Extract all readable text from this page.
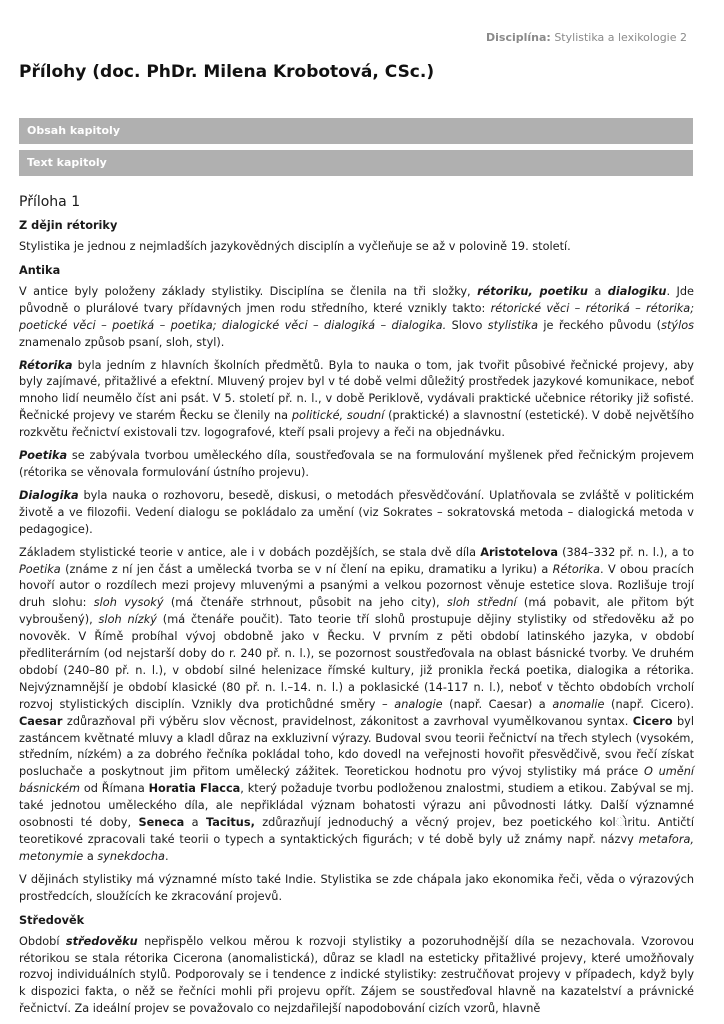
Disciplína: Stylistika a lexikologie 2
Přílohy (doc. PhDr. Milena Krobotová, CSc.)
Obsah kapitoly
Text kapitoly
Příloha 1
Z dějin rétoriky

Stylistika je jednou z nejmladších jazykovědných disciplín a vyčleňuje se až v polovině 19. století.

Antika

V antice byly položeny základy stylistiky. Disciplína se členila na tři složky, rétoriku, poetiku a dialogiku. Jde původně o plurálové tvary přídavných jmen rodu středního, které vznikly takto: rétorické věci – rétoriká – rétorika; poetické věci – poetiká – poetika; dialogické věci – dialogiká – dialogika. Slovo stylistika je řeckého původu (stýlos znamenalo způsob psaní, sloh, styl).

Rétorika byla jedním z hlavních školních předmětů. Byla to nauka o tom, jak tvořit působivé řečnické projevy, aby byly zajímavé, přitažlivé a efektní. Mluvený projev byl v té době velmi důležitý prostředek jazykové komunikace, neboť mnoho lidí neumělo číst ani psát. V 5. století př. n. l., v době Periklově, vydávali praktické učebnice rétoriky již sofisté. Řečnické projevy ve starém Řecku se členily na politické, soudní (praktické) a slavnostní (estetické). V době největšího rozkvětu řečnictví existovali tzv. logografové, kteří psali projevy a řeči na objednávku.

Poetika se zabývala tvorbou uměleckého díla, soustřeďovala se na formulování myšlenek před řečnickým projevem (rétorika se věnovala formulování ústního projevu).

Dialogika byla nauka o rozhovoru, besedě, diskusi, o metodách přesvědčování. Uplatňovala se zvláště v politickém životě a ve filozofii. Vedení dialogu se pokládalo za umění (viz Sokrates – sokratovská metoda – dialogická metoda v pedagogice).

Základem stylistické teorie v antice, ale i v dobách pozdějších, se stala dvě díla Aristotelova (384–332 př. n. l.), a to Poetika (známe z ní jen část a umělecká tvorba se v ní člení na epiku, dramatiku a lyriku) a Rétorika. V obou pracích hovoří autor o rozdílech mezi projevy mluvenými a psanými a velkou pozornost věnuje estetice slova. Rozlišuje trojí druh slohu: sloh vysoký (má čtenáře strhnout, působit na jeho city), sloh střední (má pobavit, ale přitom být vybroušený), sloh nízký (má čtenáře poučit). Tato teorie tří slohů prostupuje dějiny stylistiky od středověku až po novověk. V Římě probíhal vývoj obdobně jako v Řecku. V prvním z pěti období latinského jazyka, v období předliterárním (od nejstarší doby do r. 240 př. n. l.), se pozornost soustřeďovala na oblast básnické tvorby. Ve druhém období (240–80 př. n. l.), v období silné helenizace římské kultury, již pronikla řecká poetika, dialogika a rétorika. Nejvýznamnější je období klasické (80 př. n. l.–14. n. l.) a poklasické (14-117 n. l.), neboť v těchto obdobích vrcholí rozvoj stylistických disciplín. Vznikly dva protichůdné směry – analogie (např. Caesar) a anomalie (např. Cicero). Caesar zdůrazňoval při výběru slov věcnost, pravidelnost, zákonitost a zavrhoval vyumělkovanou syntax. Cicero byl zastáncem květnaté mluvy a kladl důraz na exkluzivní výrazy. Budoval svou teorii řečnictví na třech stylech (vysokém, středním, nízkém) a za dobrého řečníka pokládal toho, kdo dovedl na veřejnosti hovořit přesvědčivě, svou řečí získat posluchače a poskytnout jim přitom umělecký zážitek. Teoretickou hodnotu pro vývoj stylistiky má práce O umění básnickém od Římana Horatia Flacca, který požaduje tvorbu podloženou znalostmi, studiem a etikou. Zabýval se mj. také jednotou uměleckého díla, ale nepřikládal význam bohatosti výrazu ani původnosti látky. Další významné osobnosti té doby, Seneca a Tacitus, zdůrazňují jednoduchý a věcný projev, bez poetického kolોritu. Antičtí teoretikové zpracovali také teorii o typech a syntaktických figurách; v té době byly už známy např. názvy metafora, metonymie a synekdocha.

V dějinách stylistiky má významné místo také Indie. Stylistika se zde chápala jako ekonomika řeči, věda o výrazových prostředcích, sloužících ke zkracování projevů.

Středověk

Období středověku nepřispělo velkou měrou k rozvoji stylistiky a pozoruhodnější díla se nezachovala. Vzorovou rétorikou se stala rétorika Cicerona (anomalistická), důraz se kladl na esteticky přitažlivé projevy, které umožňovaly rozvoj individuálních stylů. Podporovaly se i tendence z indické stylistiky: zestručňovat projevy v případech, když byly k dispozici fakta, o něž se řečníci mohli při projevu opřít. Zájem se soustřeďoval hlavně na kazatelství a právnické řečnictví. Za ideální projev se považovalo co nejzdařilejší napodobování cizích vzorů, hlavně
